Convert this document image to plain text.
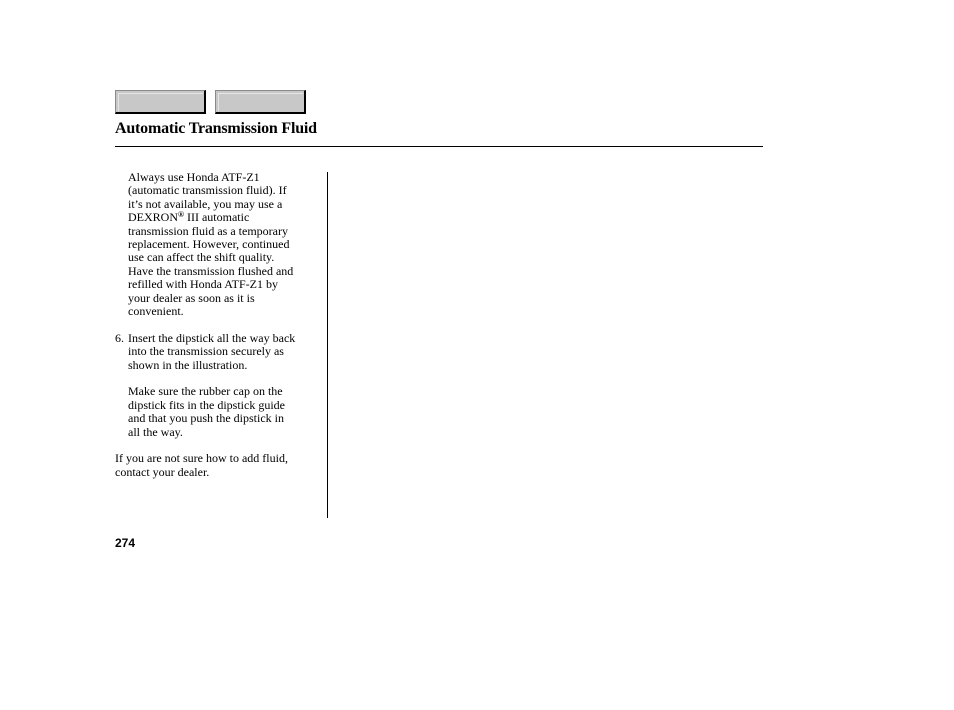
Automatic Transmission Fluid

Always use Honda ATF-Z1

(automatic transmission fluid). If

it’s not available, you may use a

DEXRON® III automatic

transmission fluid as a temporary

replacement. However, continued

use can affect the shift quality.

Have the transmission flushed and

refilled with Honda ATF-Z1 by

your dealer as soon as it is

convenient.

6. Insert the dipstick all the way back

into the transmission securely as

shown in the illustration.

Make sure the rubber cap on the

dipstick fits in the dipstick guide

and that you push the dipstick in

all the way.

If you are not sure how to add fluid,

contact your dealer.

274
